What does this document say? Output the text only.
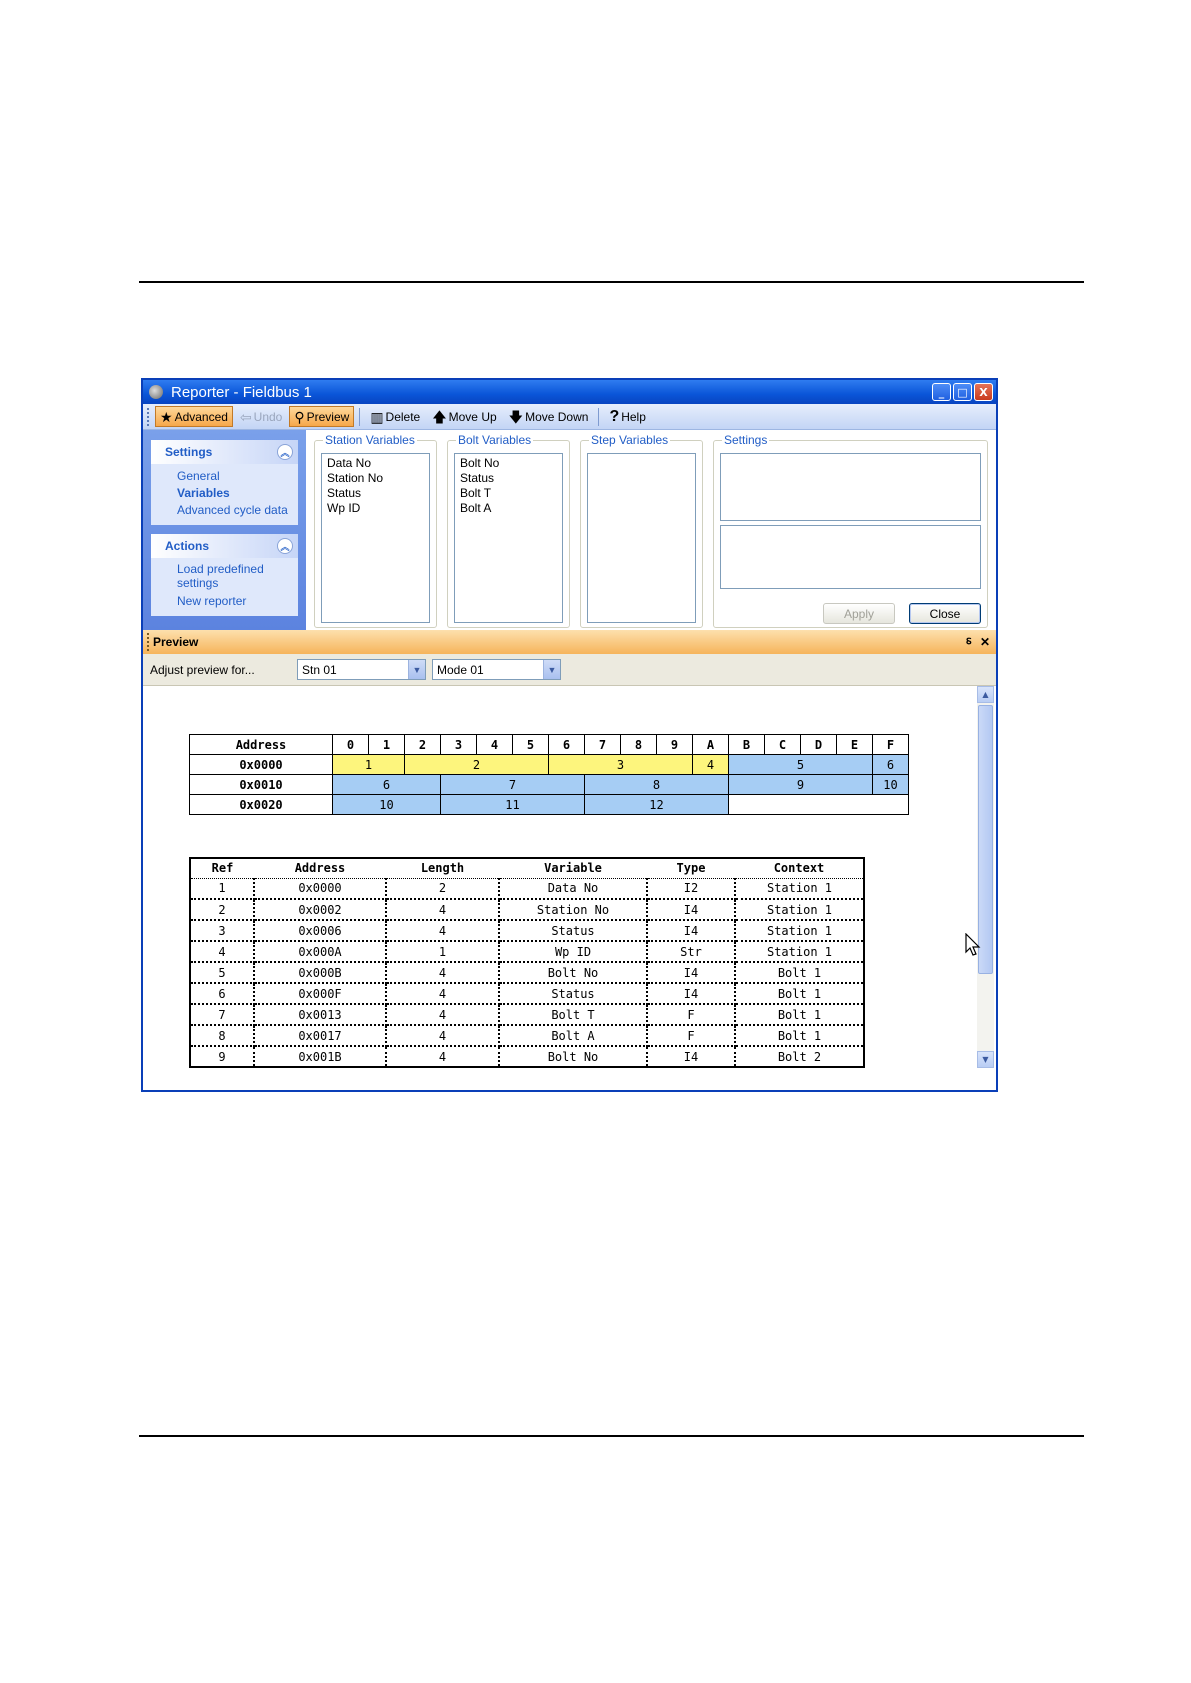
Reporter - Fieldbus 1	_	□	X
★ Advanced ⇦ Undo ⚲ Preview ▥ Delete 🡅 Move Up 🡇 Move Down ? Help
Settings	︽
General
Variables
Advanced cycle data
Actions	︽
Load predefined settings
New reporter
Station Variables
Data No
Station No
Status
Wp ID
Bolt Variables
Bolt No
Status
Bolt T
Bolt A
Step Variables	Settings
Apply	Close
Preview	⸹ ✕
Adjust preview for...	Stn 01	▼ Mode 01	▼
Address	0	1	2	3	4	5	6	7	8	9	A	B	C	D	E	F
0x0000	1		2				3				4	5				6
0x0010	6			7				8				9				10
0x0020	10			11				12								
Ref	Address	Length	Variable	Type	Context
1	0x0000	2	Data No	I2	Station 1
2	0x0002	4	Station No	I4	Station 1
3	0x0006	4	Status	I4	Station 1
4	0x000A	1	Wp ID	Str	Station 1
5	0x000B	4	Bolt No	I4	Bolt 1
6	0x000F	4	Status	I4	Bolt 1
7	0x0013	4	Bolt T	F	Bolt 1
8	0x0017	4	Bolt A	F	Bolt 1
9	0x001B	4	Bolt No	I4	Bolt 2
▲
▼
